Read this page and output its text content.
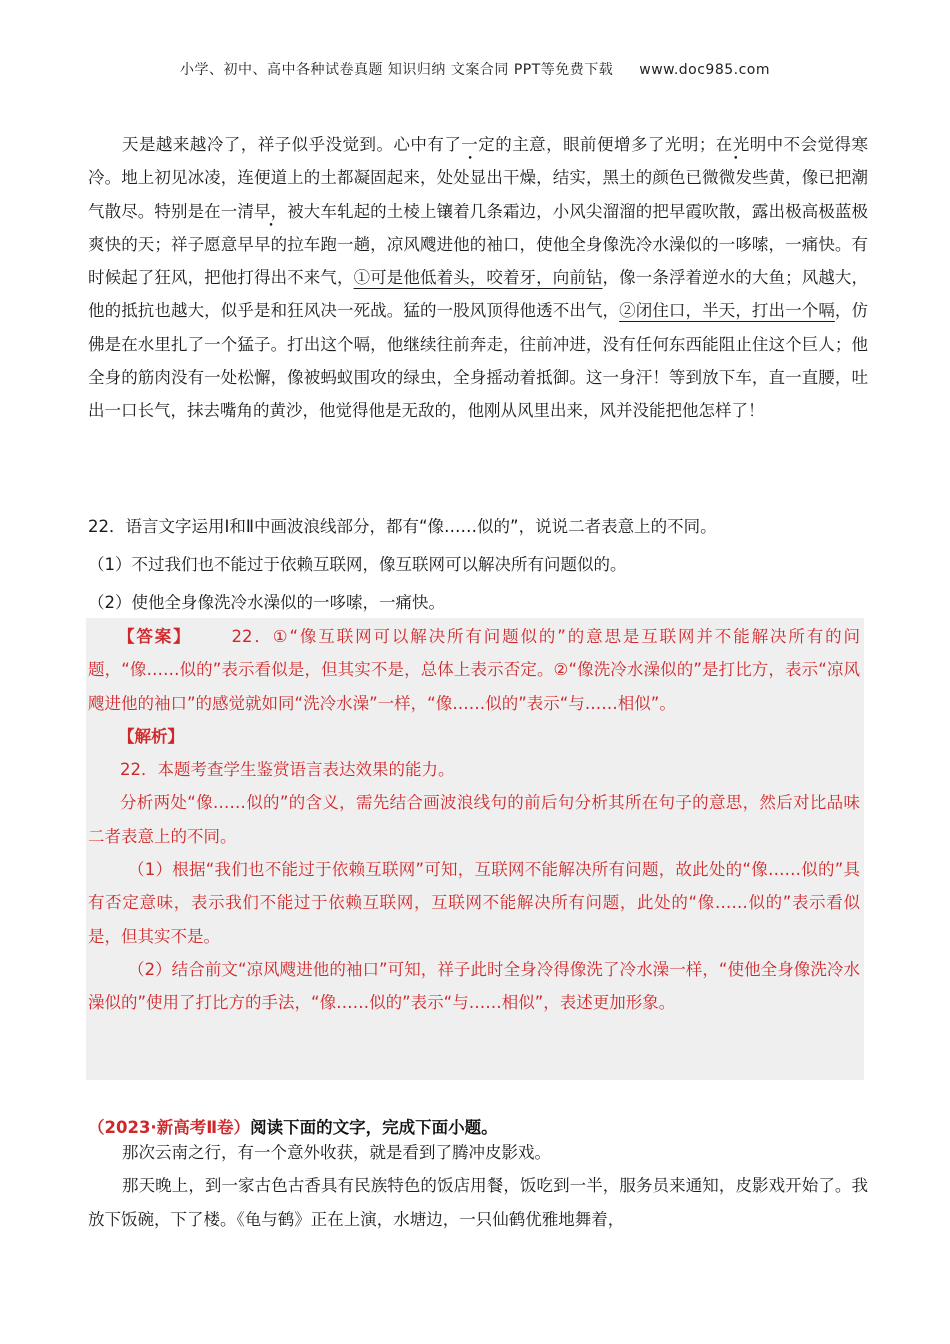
小学、初中、高中各种试卷真题 知识归纳 文案合同 PPT等免费下载 www.doc985.com

天是越来越冷了，祥子似乎没觉到。心中有了一定的主意，眼前便增多了光明；在光明中不会觉得寒冷。地上初见冰凌，连便道上的土都凝固起来，处处显出干燥，结实，黑土的颜色已微微发些黄，像已把潮气散尽。特别是在一清早，被大车轧起的土棱上镶着几条霜边，小风尖溜溜的把早霞吹散，露出极高极蓝极爽快的天；祥子愿意早早的拉车跑一趟，凉风飕进他的袖口，使他全身像洗冷水澡似的一哆嗦，一痛快。有时候起了狂风，把他打得出不来气，①可是他低着头，咬着牙，向前钻，像一条浮着逆水的大鱼；风越大，他的抵抗也越大，似乎是和狂风决一死战。猛的一股风顶得他透不出气，②闭住口，半天，打出一个嗝，仿佛是在水里扎了一个猛子。打出这个嗝，他继续往前奔走，往前冲进，没有任何东西能阻止住这个巨人；他全身的筋肉没有一处松懈，像被蚂蚁围攻的绿虫，全身摇动着抵御。这一身汗！等到放下车，直一直腰，吐出一口长气，抹去嘴角的黄沙，他觉得他是无敌的，他刚从风里出来，风并没能把他怎样了！

22．语言文字运用Ⅰ和Ⅱ中画波浪线部分，都有“像……似的”，说说二者表意上的不同。
（1）不过我们也不能过于依赖互联网，像互联网可以解决所有问题似的。
（2）使他全身像洗冷水澡似的一哆嗦，一痛快。

【答案】 22．①“像互联网可以解决所有问题似的”的意思是互联网并不能解决所有的问题，“像……似的”表示看似是，但其实不是，总体上表示否定。②“像洗冷水澡似的”是打比方，表示“凉风飕进他的袖口”的感觉就如同“洗冷水澡”一样，“像……似的”表示“与……相似”。

【解析】

22．本题考查学生鉴赏语言表达效果的能力。

分析两处“像……似的”的含义，需先结合画波浪线句的前后句分析其所在句子的意思，然后对比品味二者表意上的不同。

（1）根据“我们也不能过于依赖互联网”可知，互联网不能解决所有问题，故此处的“像……似的”具有否定意味，表示我们不能过于依赖互联网，互联网不能解决所有问题，此处的“像……似的”表示看似是，但其实不是。

（2）结合前文“凉风飕进他的袖口”可知，祥子此时全身冷得像洗了冷水澡一样，“使他全身像洗冷水澡似的”使用了打比方的手法，“像……似的”表示“与……相似”，表述更加形象。

（2023·新高考Ⅱ卷）阅读下面的文字，完成下面小题。

那次云南之行，有一个意外收获，就是看到了腾冲皮影戏。

那天晚上，到一家古色古香具有民族特色的饭店用餐，饭吃到一半，服务员来通知，皮影戏开始了。我放下饭碗，下了楼。《龟与鹤》正在上演，水塘边，一只仙鹤优雅地舞着，
